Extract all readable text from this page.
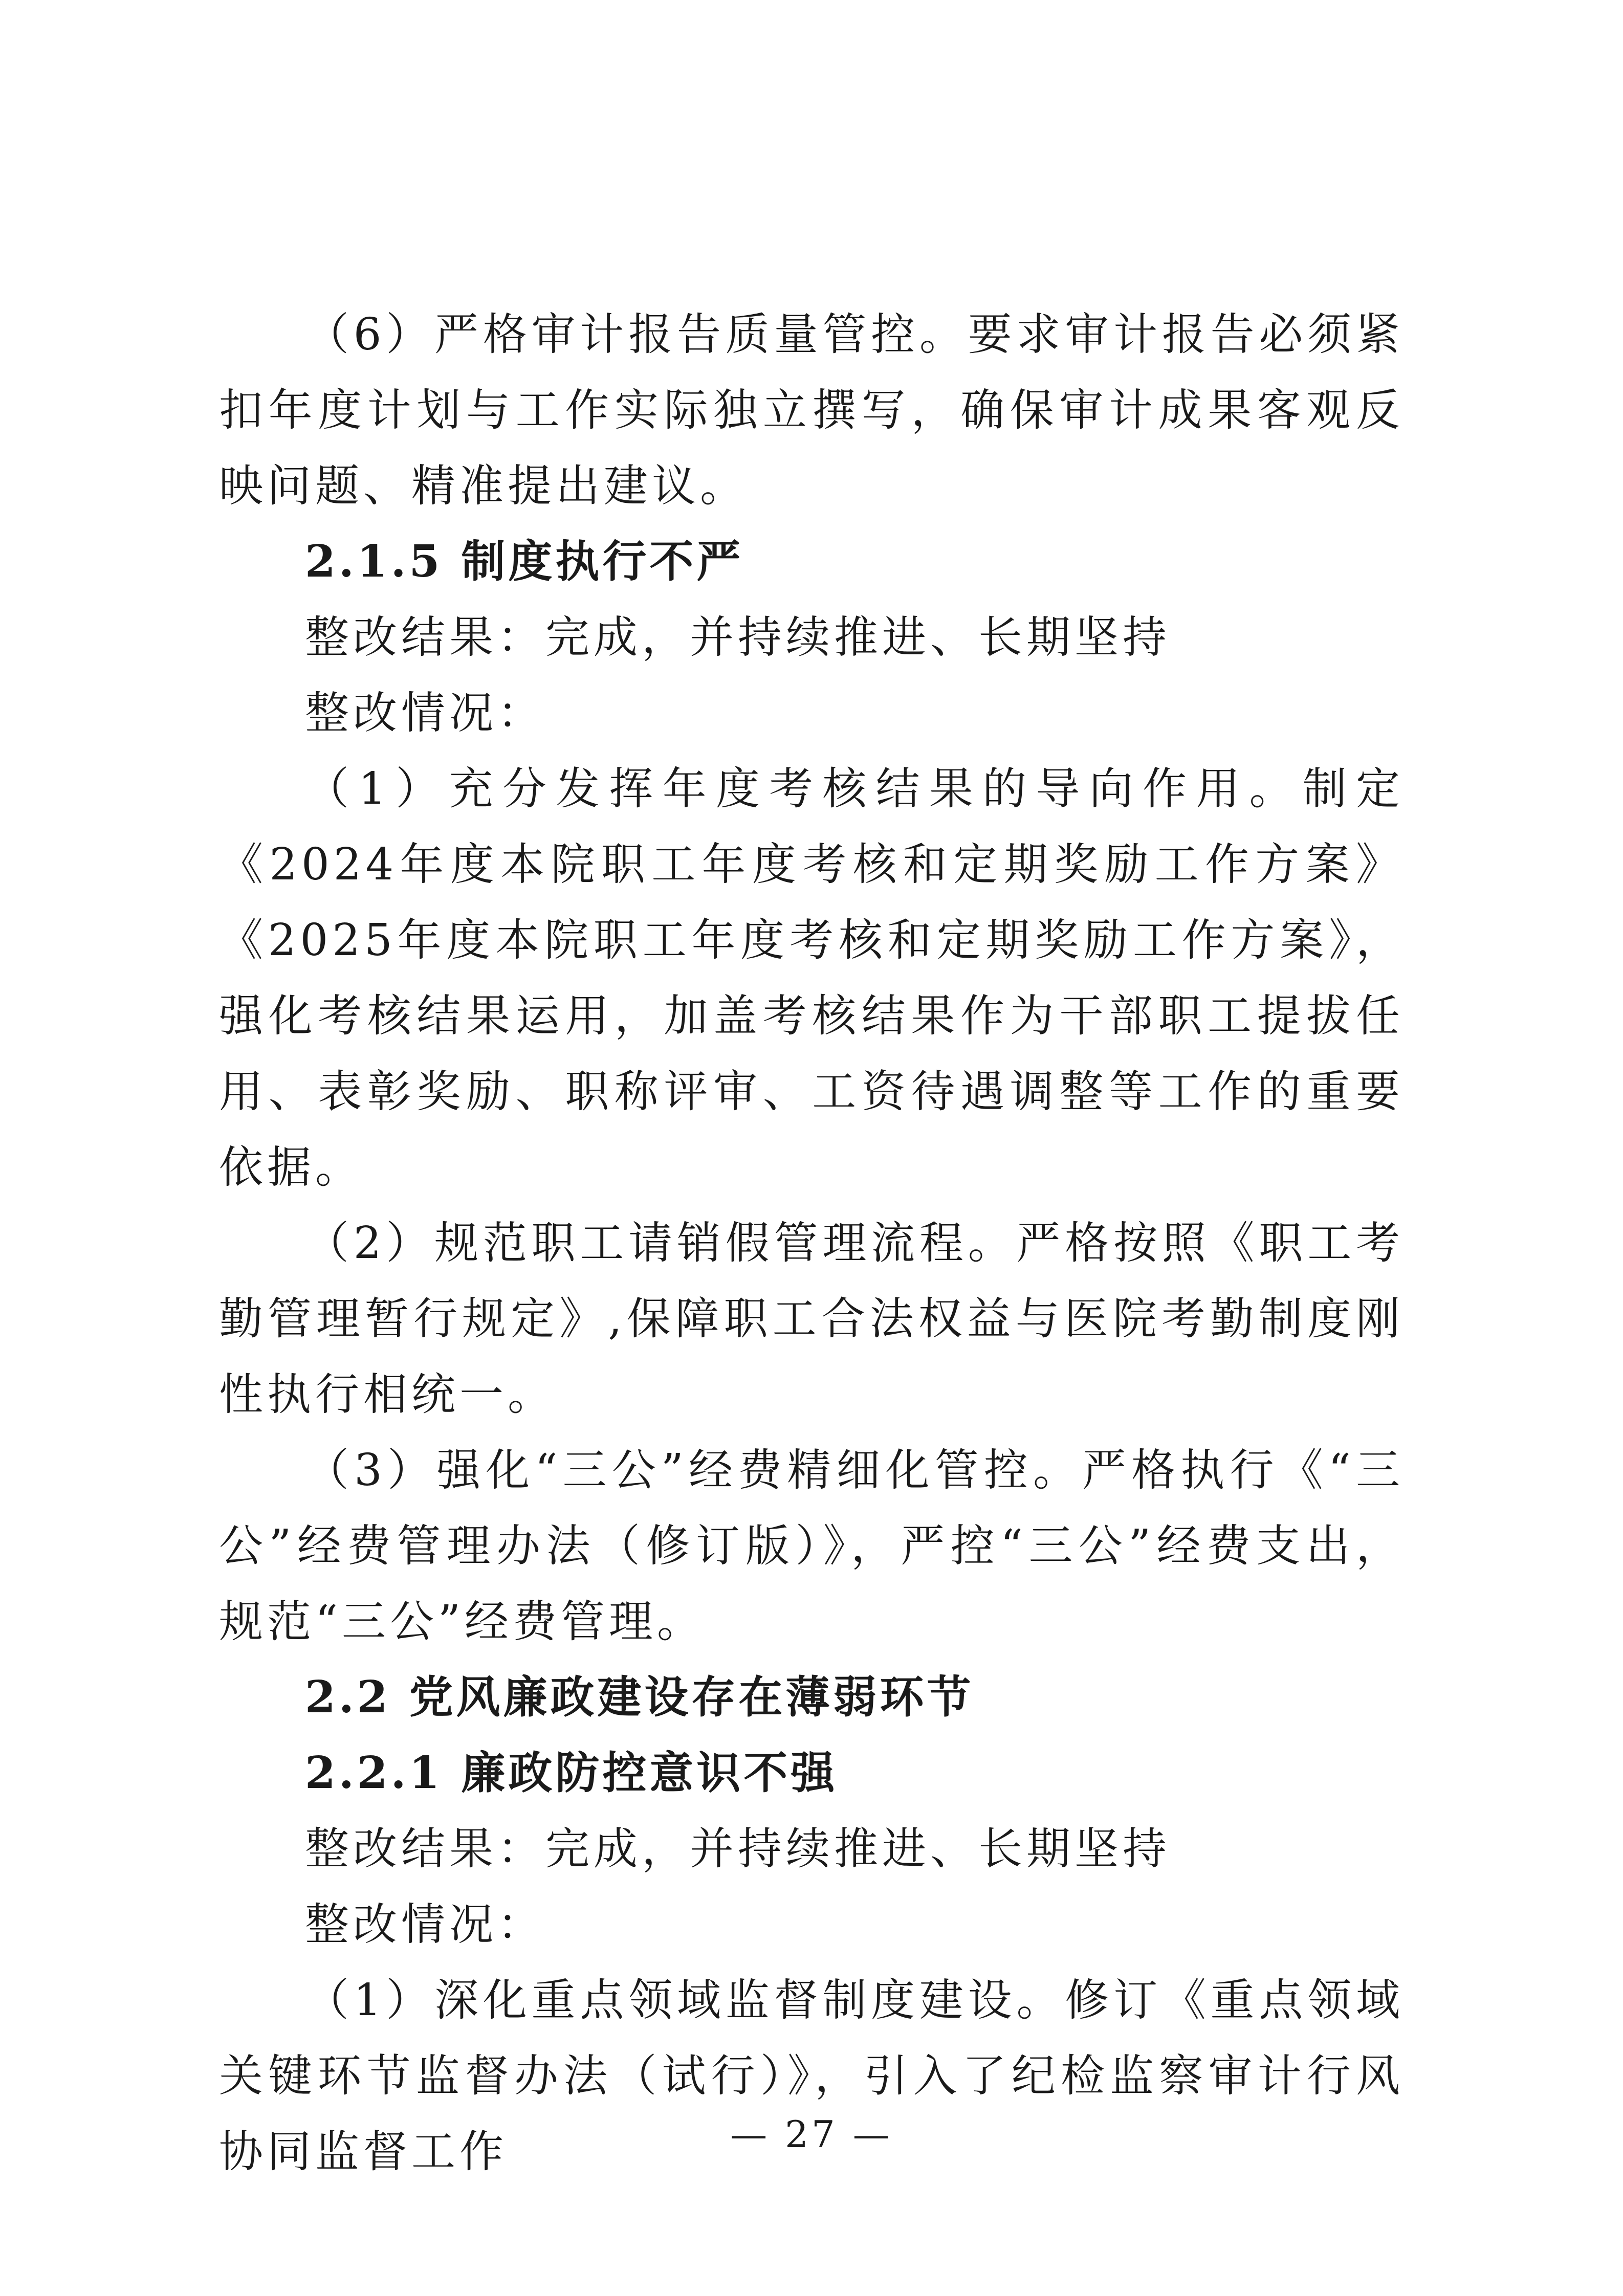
（6）严格审计报告质量管控。要求审计报告必须紧扣年度计划与工作实际独立撰写，确保审计成果客观反映问题、精准提出建议。

2.1.5 制度执行不严

整改结果：完成，并持续推进、长期坚持

整改情况：

（1）充分发挥年度考核结果的导向作用。制定《2024年度本院职工年度考核和定期奖励工作方案》《2025年度本院职工年度考核和定期奖励工作方案》，强化考核结果运用，加盖考核结果作为干部职工提拔任用、表彰奖励、职称评审、工资待遇调整等工作的重要依据。

（2）规范职工请销假管理流程。严格按照《职工考勤管理暂行规定》,保障职工合法权益与医院考勤制度刚性执行相统一。

（3）强化“三公”经费精细化管控。严格执行《“三公”经费管理办法（修订版）》，严控“三公”经费支出，规范“三公”经费管理。

2.2 党风廉政建设存在薄弱环节

2.2.1 廉政防控意识不强

整改结果：完成，并持续推进、长期坚持

整改情况：

（1）深化重点领域监督制度建设。修订《重点领域关键环节监督办法（试行）》，引入了纪检监察审计行风协同监督工作	— 27 —
